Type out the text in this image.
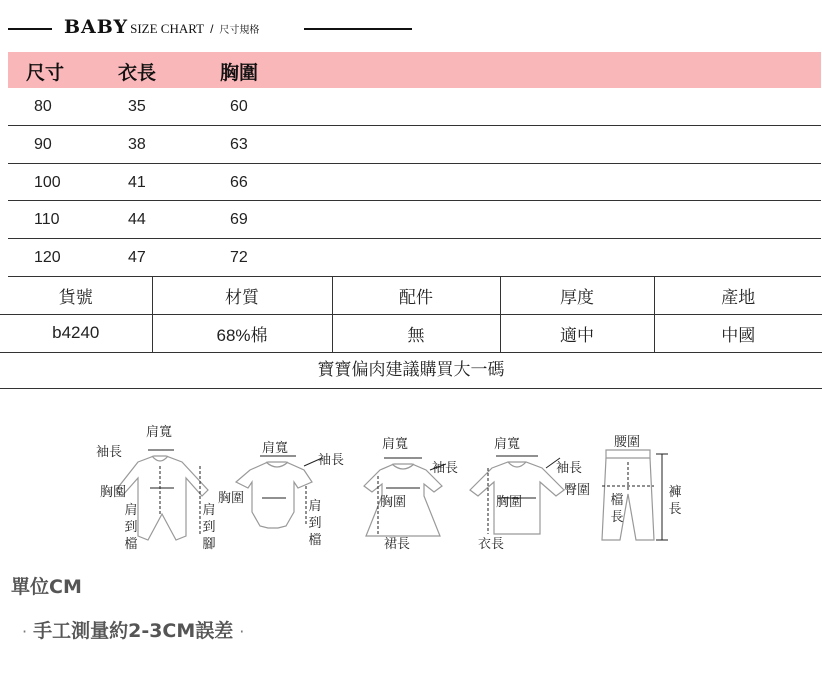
BABY SIZE CHART / 尺寸規格
尺寸	衣長	胸圍
80	35	60
90	38	63
100	41	66
110	44	69
120	47	72
貨號	材質	配件	厚度	產地
b4240	68%棉	無	適中	中國
寶寶偏肉建議購買大一碼
肩寬
袖長
胸圍
肩到檔
肩到腳
肩寬
袖長
胸圍
肩到檔
肩寬
袖長
胸圍
裙長
肩寬
袖長
胸圍
衣長
腰圍
臀圍
檔長
褲長
單位CM
· 手工測量約2-3CM誤差 ·
